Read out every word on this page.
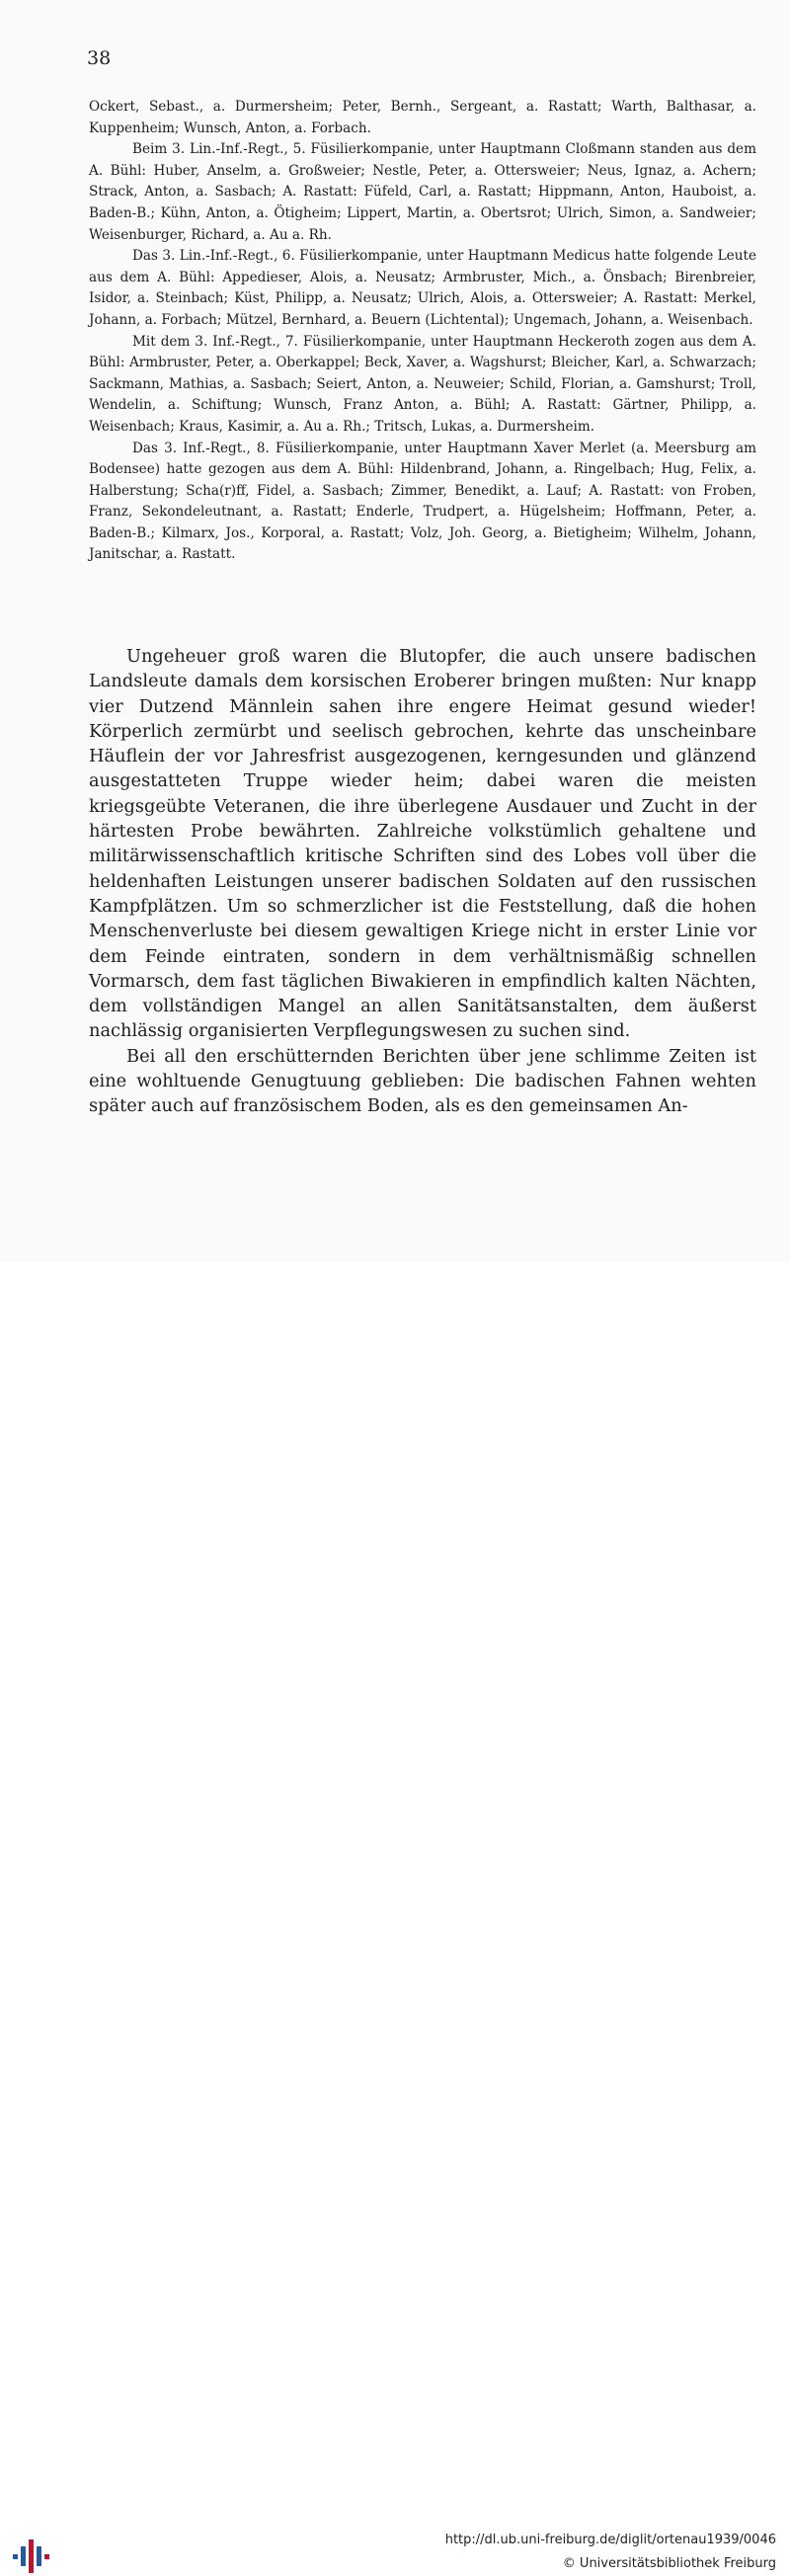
38

Ockert, Sebast., a. Durmersheim; Peter, Bernh., Sergeant, a. Rastatt; Warth, Balthasar, a. Kuppenheim; Wunsch, Anton, a. Forbach.

Beim 3. Lin.-Inf.-Regt., 5. Füsilierkompanie, unter Hauptmann Cloßmann standen aus dem A. Bühl: Huber, Anselm, a. Großweier; Nestle, Peter, a. Ottersweier; Neus, Ignaz, a. Achern; Strack, Anton, a. Sasbach; A. Rastatt: Füfeld, Carl, a. Rastatt; Hippmann, Anton, Hauboist, a. Baden-B.; Kühn, Anton, a. Ötigheim; Lippert, Martin, a. Obertsrot; Ulrich, Simon, a. Sandweier; Weisenburger, Richard, a. Au a. Rh.

Das 3. Lin.-Inf.-Regt., 6. Füsilierkompanie, unter Hauptmann Medicus hatte folgende Leute aus dem A. Bühl: Appedieser, Alois, a. Neusatz; Armbruster, Mich., a. Önsbach; Birenbreier, Isidor, a. Steinbach; Küst, Philipp, a. Neusatz; Ulrich, Alois, a. Ottersweier; A. Rastatt: Merkel, Johann, a. Forbach; Mützel, Bernhard, a. Beuern (Lichtental); Ungemach, Johann, a. Weisenbach.

Mit dem 3. Inf.-Regt., 7. Füsilierkompanie, unter Hauptmann Heckeroth zogen aus dem A. Bühl: Armbruster, Peter, a. Oberkappel; Beck, Xaver, a. Wagshurst; Bleicher, Karl, a. Schwarzach; Sackmann, Mathias, a. Sasbach; Seiert, Anton, a. Neuweier; Schild, Florian, a. Gamshurst; Troll, Wendelin, a. Schiftung; Wunsch, Franz Anton, a. Bühl; A. Rastatt: Gärtner, Philipp, a. Weisenbach; Kraus, Kasimir, a. Au a. Rh.; Tritsch, Lukas, a. Durmersheim.

Das 3. Inf.-Regt., 8. Füsilierkompanie, unter Hauptmann Xaver Merlet (a. Meersburg am Bodensee) hatte gezogen aus dem A. Bühl: Hildenbrand, Johann, a. Ringelbach; Hug, Felix, a. Halberstung; Scha(r)ff, Fidel, a. Sasbach; Zimmer, Benedikt, a. Lauf; A. Rastatt: von Froben, Franz, Sekondeleutnant, a. Rastatt; Enderle, Trudpert, a. Hügelsheim; Hoffmann, Peter, a. Baden-B.; Kilmarx, Jos., Korporal, a. Rastatt; Volz, Joh. Georg, a. Bietigheim; Wilhelm, Johann, Janitschar, a. Rastatt.

Ungeheuer groß waren die Blutopfer, die auch unsere badischen Landsleute damals dem korsischen Eroberer bringen mußten: Nur knapp vier Dutzend Männlein sahen ihre engere Heimat gesund wieder! Körperlich zermürbt und seelisch gebrochen, kehrte das unscheinbare Häuflein der vor Jahresfrist ausgezogenen, kerngesunden und glänzend ausgestatteten Truppe wieder heim; dabei waren die meisten kriegsgeübte Veteranen, die ihre überlegene Ausdauer und Zucht in der härtesten Probe bewährten. Zahlreiche volkstümlich gehaltene und militärwissenschaftlich kritische Schriften sind des Lobes voll über die heldenhaften Leistungen unserer badischen Soldaten auf den russischen Kampfplätzen. Um so schmerzlicher ist die Feststellung, daß die hohen Menschenverluste bei diesem gewaltigen Kriege nicht in erster Linie vor dem Feinde eintraten, sondern in dem verhältnismäßig schnellen Vormarsch, dem fast täglichen Biwakieren in empfindlich kalten Nächten, dem vollständigen Mangel an allen Sanitätsanstalten, dem äußerst nachlässig organisierten Verpflegungswesen zu suchen sind.

Bei all den erschütternden Berichten über jene schlimme Zeiten ist eine wohltuende Genugtuung geblieben: Die badischen Fahnen wehten später auch auf französischem Boden, als es den gemeinsamen An-

http://dl.ub.uni-freiburg.de/diglit/ortenau1939/0046
© Universitätsbibliothek Freiburg
